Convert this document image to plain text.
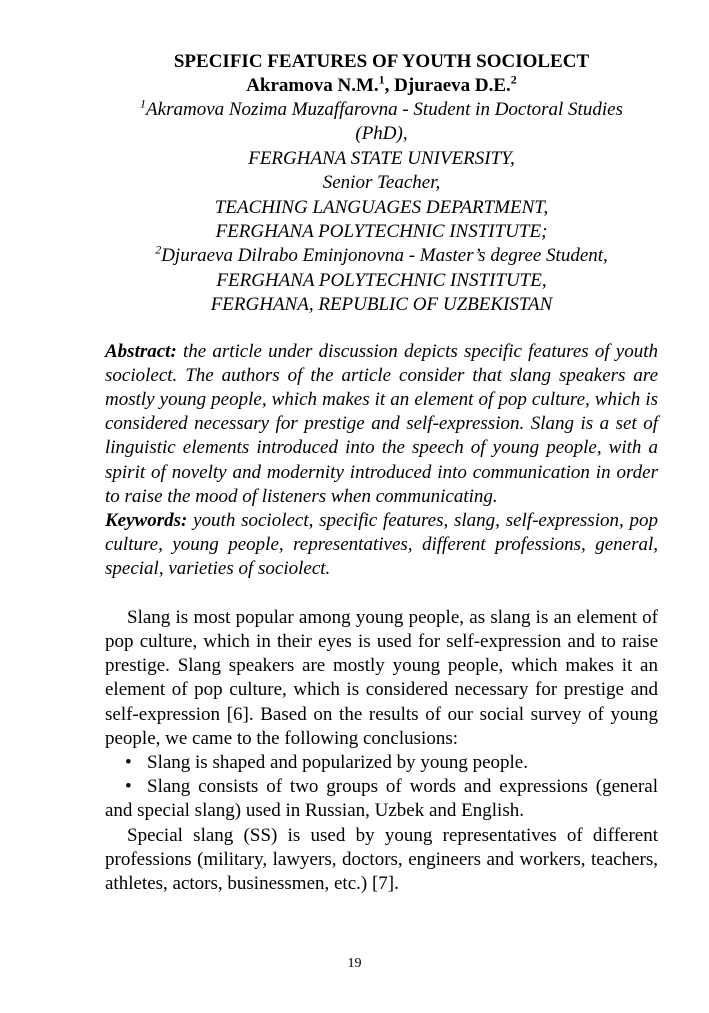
SPECIFIC FEATURES OF YOUTH SOCIOLECT
Akramova N.M.$^1$, Djuraeva D.E.$^2$
$^1$Akramova Nozima Muzaffarovna - Student in Doctoral Studies
(PhD),
FERGHANA STATE UNIVERSITY,
Senior Teacher,
TEACHING LANGUAGES DEPARTMENT,
FERGHANA POLYTECHNIC INSTITUTE;
$^2$Djuraeva Dilrabo Eminjonovna - Master’s degree Student,
FERGHANA POLYTECHNIC INSTITUTE,
FERGHANA, REPUBLIC OF UZBEKISTAN

Abstract: the article under discussion depicts specific features of youth sociolect. The authors of the article consider that slang speakers are mostly young people, which makes it an element of pop culture, which is considered necessary for prestige and self-expression. Slang is a set of linguistic elements introduced into the speech of young people, with a spirit of novelty and modernity introduced into communication in order to raise the mood of listeners when communicating.

Keywords: youth sociolect, specific features, slang, self-expression, pop culture, young people, representatives, different professions, general, special, varieties of sociolect.

Slang is most popular among young people, as slang is an element of pop culture, which in their eyes is used for self-expression and to raise prestige. Slang speakers are mostly young people, which makes it an element of pop culture, which is considered necessary for prestige and self-expression [6]. Based on the results of our social survey of young people, we came to the following conclusions:

• Slang is shaped and popularized by young people.

• Slang consists of two groups of words and expressions (general and special slang) used in Russian, Uzbek and English.

Special slang (SS) is used by young representatives of different professions (military, lawyers, doctors, engineers and workers, teachers, athletes, actors, businessmen, etc.) [7].

19
